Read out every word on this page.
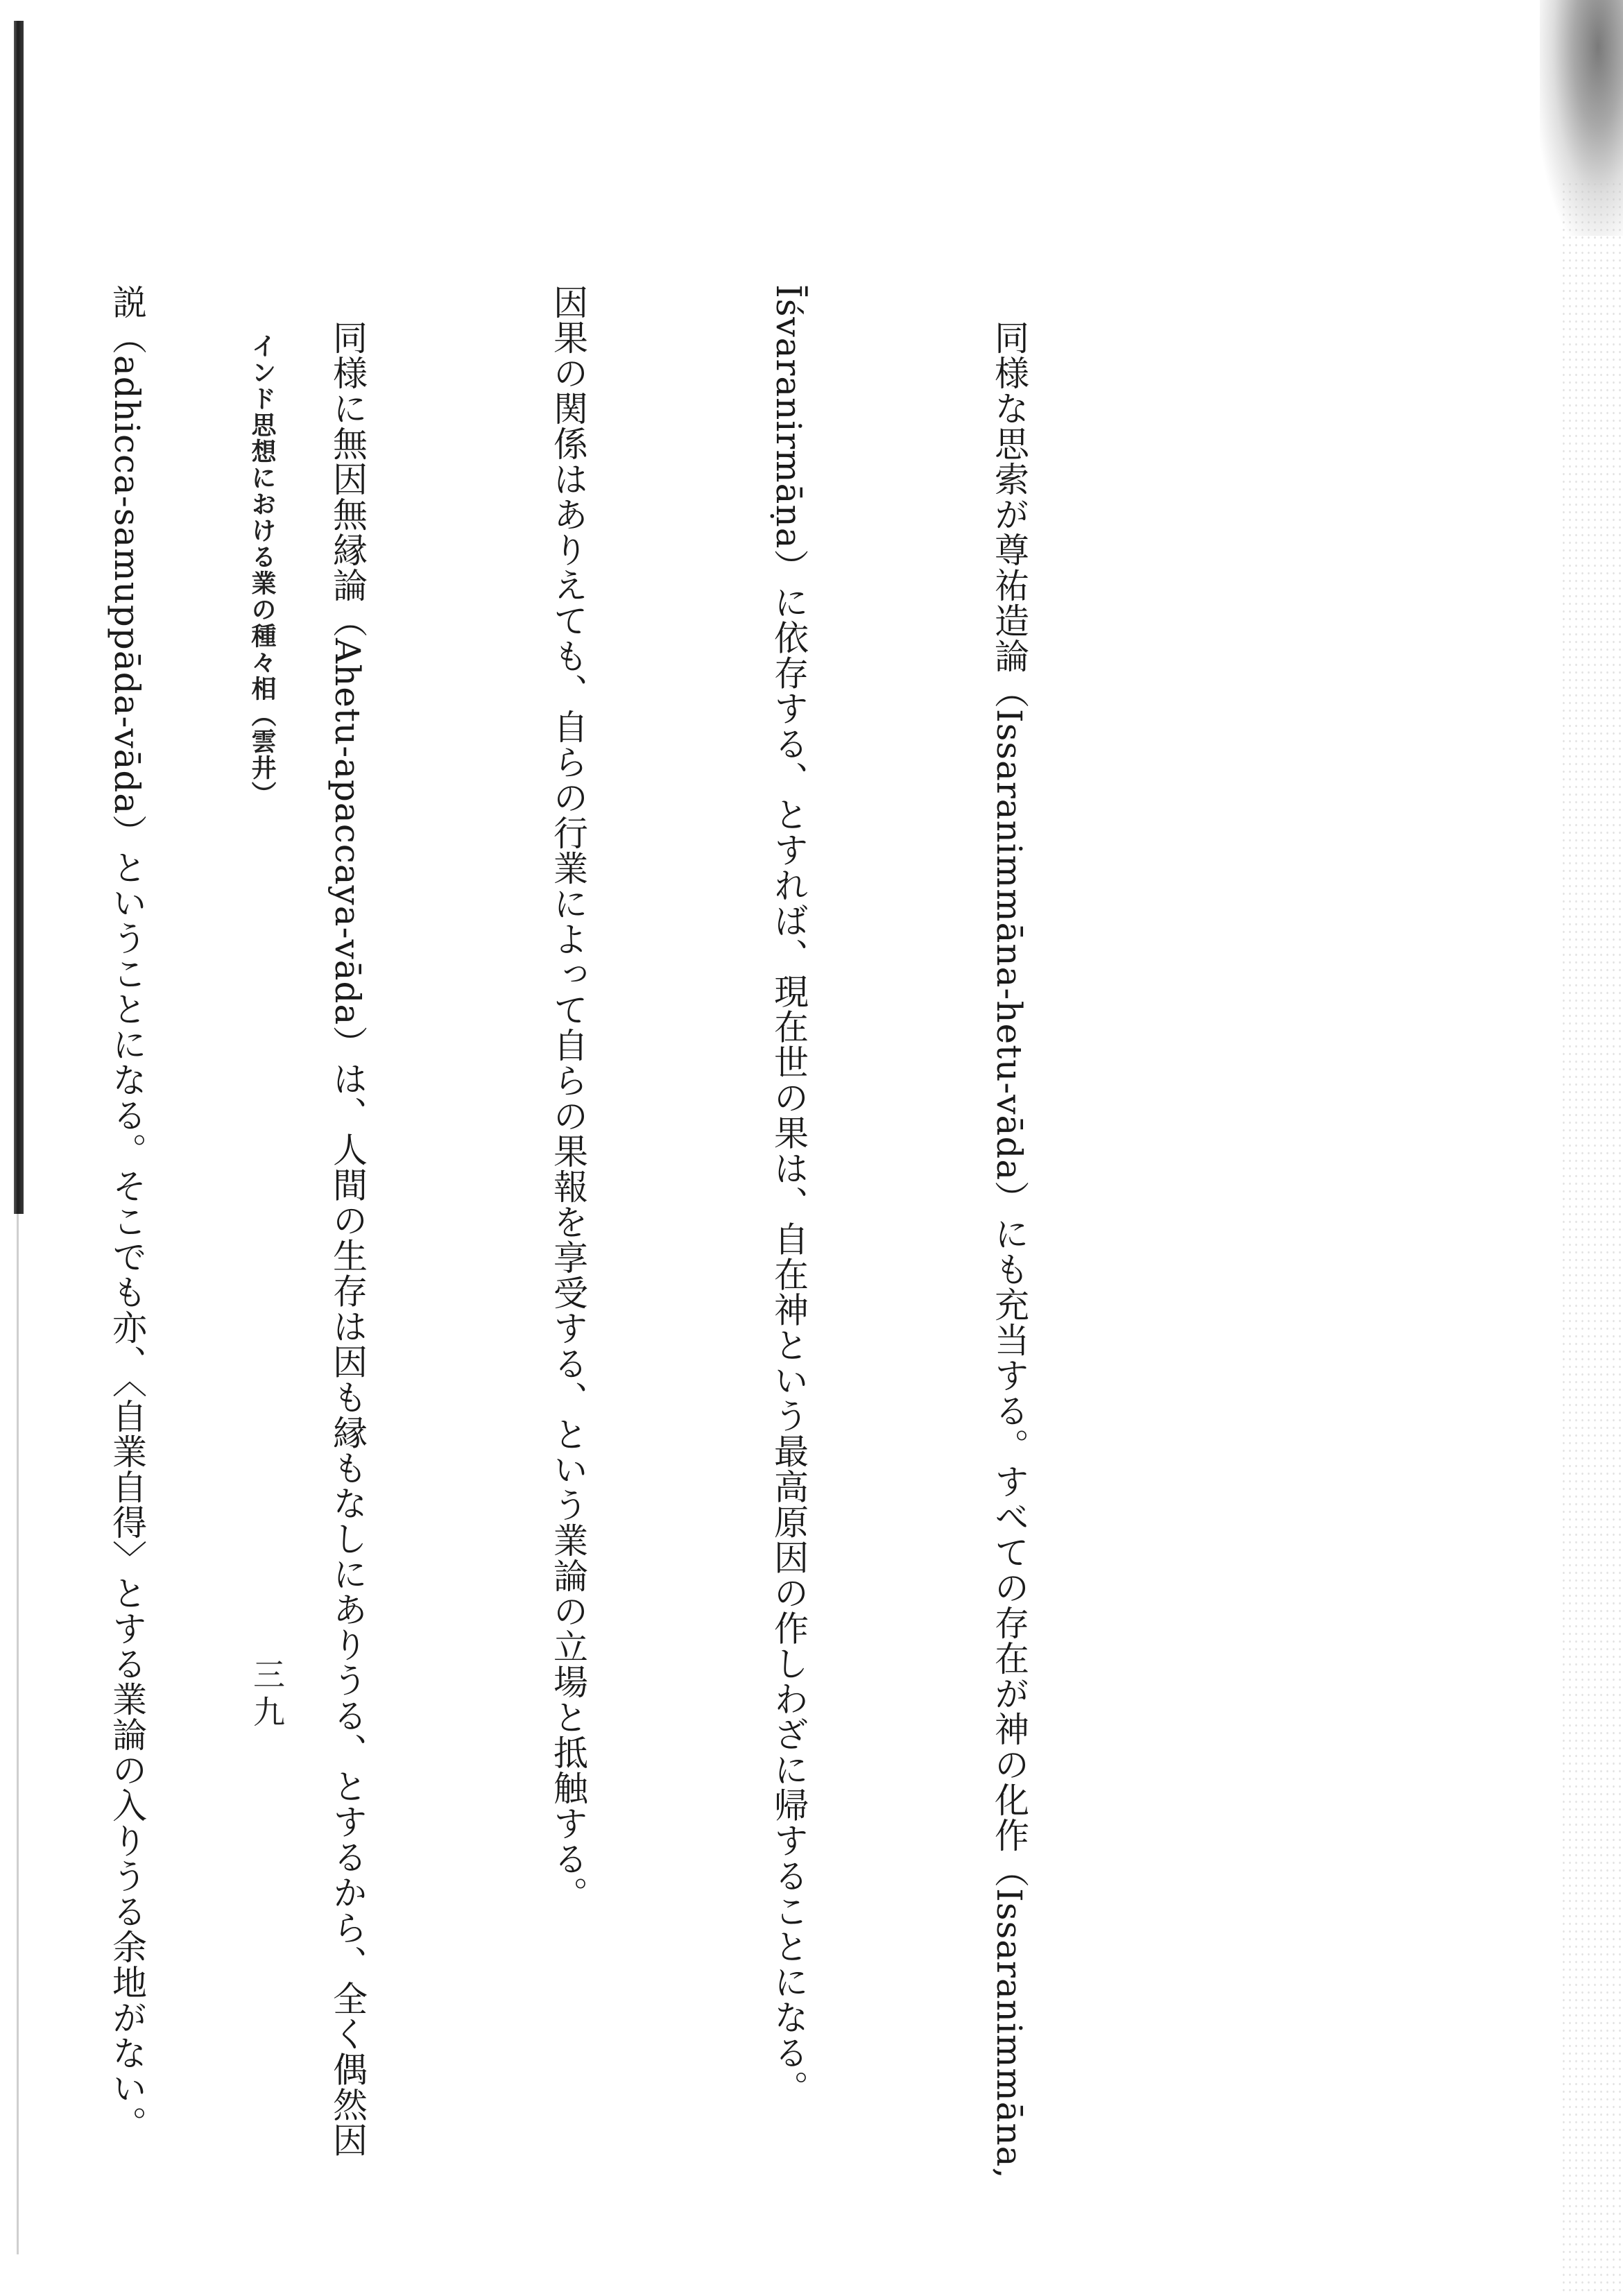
　同様な思索が尊祐造論（Issaranimmāna-hetu-vāda）にも充当する。すべての存在が神の化作（Issaranimmāna,

Īśvaranirmāṇa）に依存する、とすれば、現在世の果は、自在神という最高原因の作しわざに帰することになる。

因果の関係はありえても、自らの行業によって自らの果報を享受する、という業論の立場と抵触する。

　同様に無因無縁論（Ahetu-apaccaya-vāda）は、人間の生存は因も縁もなしにありうる、とするから、全く偶然因

説（adhicca-samuppāda-vāda）ということになる。そこでも亦、〈自業自得〉とする業論の入りうる余地がない。

	インド思想における業の種々相（雲井）
三九
